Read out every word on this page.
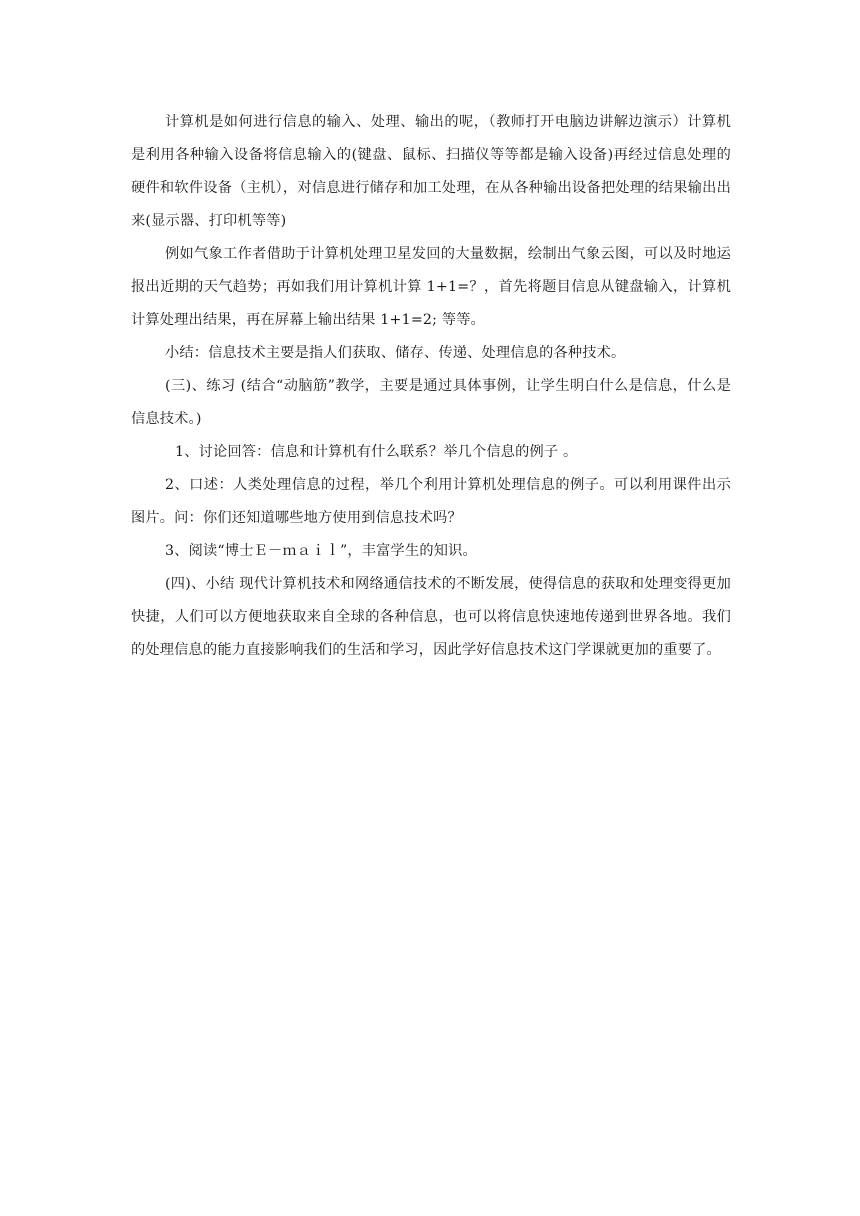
计算机是如何进行信息的输入、处理、输出的呢，（教师打开电脑边讲解边演示）计算机是利用各种输入设备将信息输入的(键盘、鼠标、扫描仪等等都是输入设备)再经过信息处理的硬件和软件设备（主机），对信息进行储存和加工处理，在从各种输出设备把处理的结果输出出来(显示器、打印机等等)

例如气象工作者借助于计算机处理卫星发回的大量数据，绘制出气象云图，可以及时地运报出近期的天气趋势；再如我们用计算机计算 1+1=？，首先将题目信息从键盘输入，计算机计算处理出结果，再在屏幕上输出结果 1+1=2; 等等。

小结：信息技术主要是指人们获取、储存、传递、处理信息的各种技术。

(三)、练习 (结合“动脑筋”教学，主要是通过具体事例，让学生明白什么是信息，什么是信息技术。)

1、讨论回答：信息和计算机有什么联系？举几个信息的例子 。

2、口述：人类处理信息的过程，举几个利用计算机处理信息的例子。可以利用课件出示图片。问：你们还知道哪些地方使用到信息技术吗？

3、阅读“博士Ｅ－ｍａｉｌ”，丰富学生的知识。

(四)、小结 现代计算机技术和网络通信技术的不断发展，使得信息的获取和处理变得更加快捷，人们可以方便地获取来自全球的各种信息，也可以将信息快速地传递到世界各地。我们的处理信息的能力直接影响我们的生活和学习，因此学好信息技术这门学课就更加的重要了。
